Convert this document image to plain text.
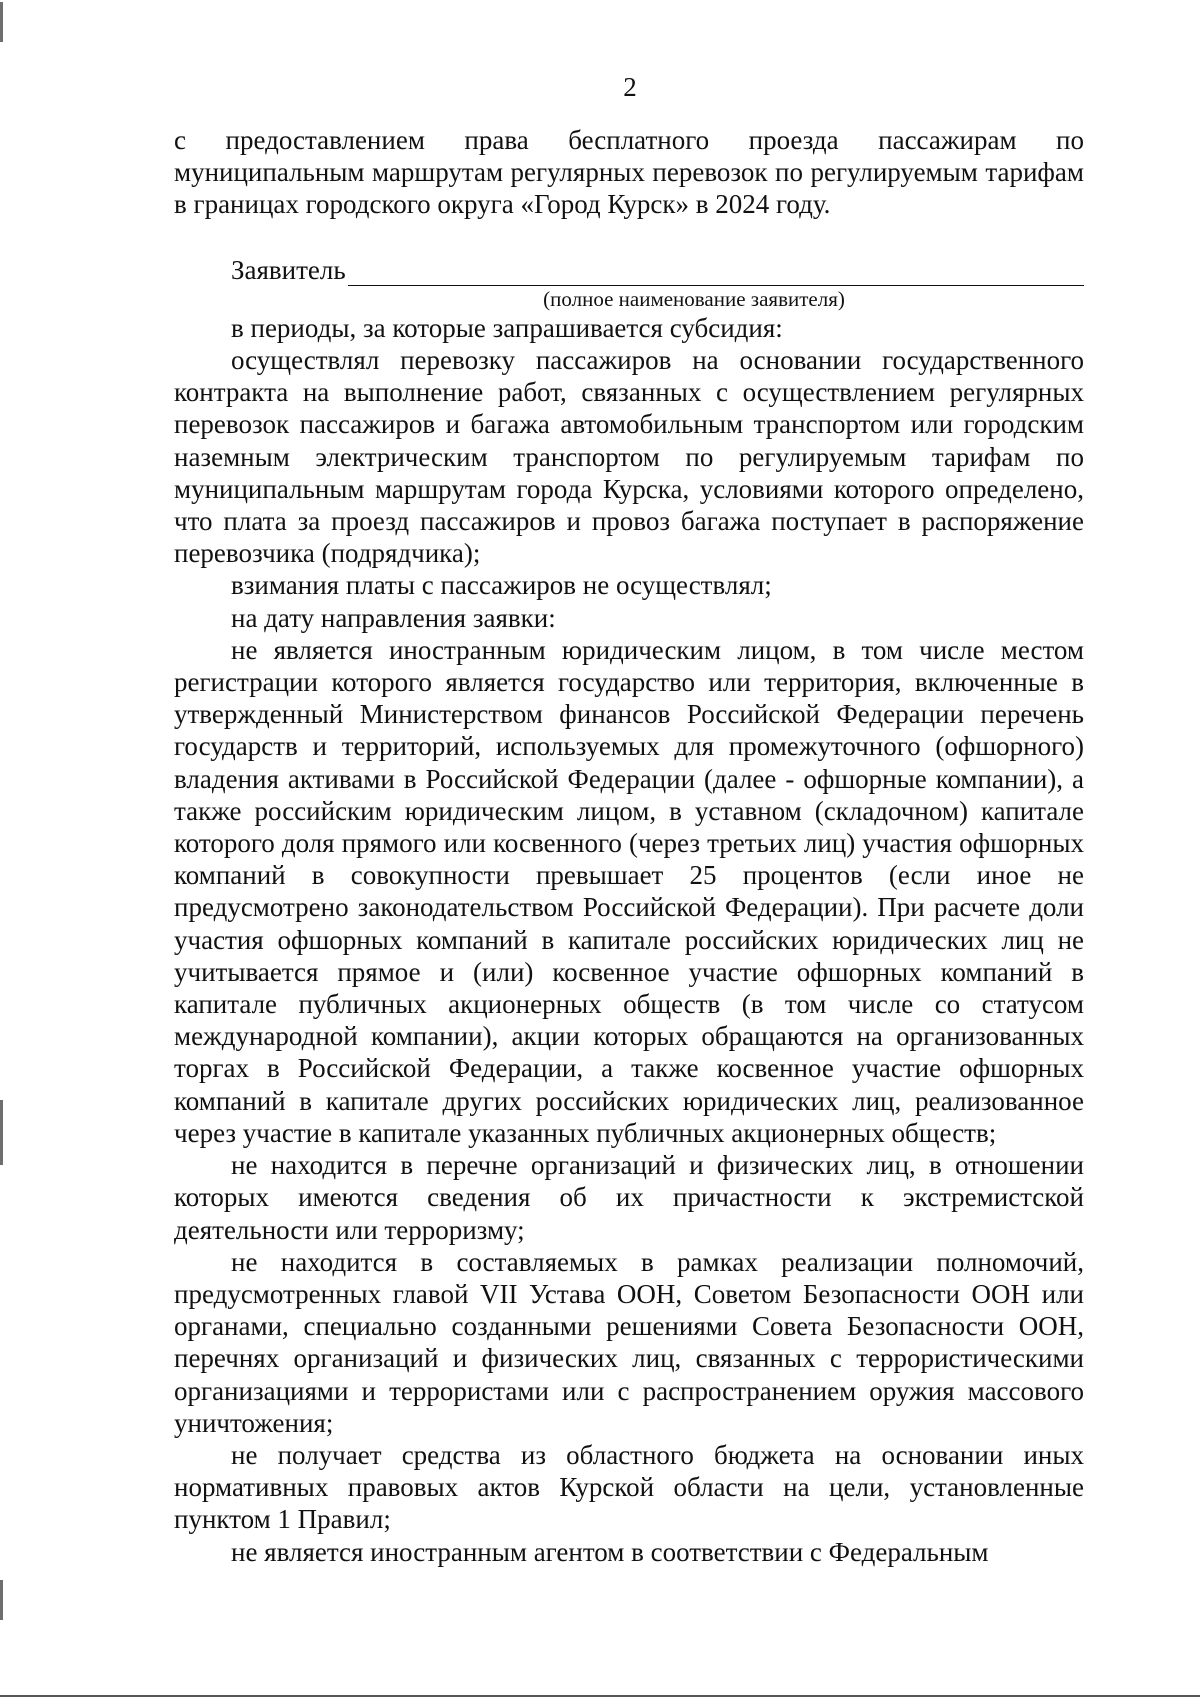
2

с предоставлением права бесплатного проезда пассажирам по муниципальным маршрутам регулярных перевозок по регулируемым тарифам в границах городского округа «Город Курск» в 2024 году.

Заявитель
(полное наименование заявителя)

в периоды, за которые запрашивается субсидия:

осуществлял перевозку пассажиров на основании государственного контракта на выполнение работ, связанных с осуществлением регулярных перевозок пассажиров и багажа автомобильным транспортом или городским наземным электрическим транспортом по регулируемым тарифам по муниципальным маршрутам города Курска, условиями которого определено, что плата за проезд пассажиров и провоз багажа поступает в распоряжение перевозчика (подрядчика);

взимания платы с пассажиров не осуществлял;

на дату направления заявки:

не является иностранным юридическим лицом, в том числе местом регистрации которого является государство или территория, включенные в утвержденный Министерством финансов Российской Федерации перечень государств и территорий, используемых для промежуточного (офшорного) владения активами в Российской Федерации (далее - офшорные компании), а также российским юридическим лицом, в уставном (складочном) капитале которого доля прямого или косвенного (через третьих лиц) участия офшорных компаний в совокупности превышает 25 процентов (если иное не предусмотрено законодательством Российской Федерации). При расчете доли участия офшорных компаний в капитале российских юридических лиц не учитывается прямое и (или) косвенное участие офшорных компаний в капитале публичных акционерных обществ (в том числе со статусом международной компании), акции которых обращаются на организованных торгах в Российской Федерации, а также косвенное участие офшорных компаний в капитале других российских юридических лиц, реализованное через участие в капитале указанных публичных акционерных обществ;

не находится в перечне организаций и физических лиц, в отношении которых имеются сведения об их причастности к экстремистской деятельности или терроризму;

не находится в составляемых в рамках реализации полномочий, предусмотренных главой VII Устава ООН, Советом Безопасности ООН или органами, специально созданными решениями Совета Безопасности ООН, перечнях организаций и физических лиц, связанных с террористическими организациями и террористами или с распространением оружия массового уничтожения;

не получает средства из областного бюджета на основании иных нормативных правовых актов Курской области на цели, установленные пунктом 1 Правил;

не является иностранным агентом в соответствии с Федеральным
